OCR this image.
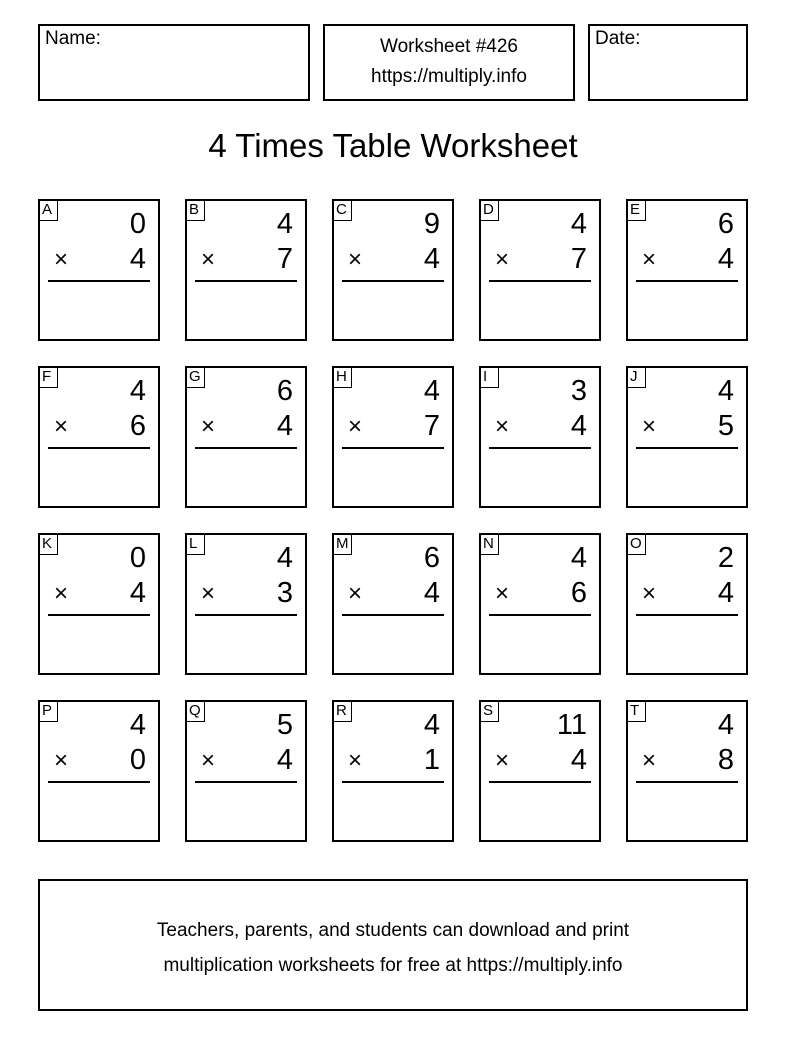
Name:	Worksheet #426
https://multiply.info
Date:
4 Times Table Worksheet
A	0
× 4
B	4
× 7
C	9
× 4
D	4
× 7
E	6
× 4
F	4
× 6
G	6
× 4
H	4
× 7
I	3
× 4
J	4
× 5
K	0
× 4
L	4
× 3
M	6
× 4
N	4
× 6
O	2
× 4
P	4
× 0
Q	5
× 4
R	4
× 1
S 11
× 4
T	4
× 8
Teachers, parents, and students can download and print
multiplication worksheets for free at https://multiply.info
